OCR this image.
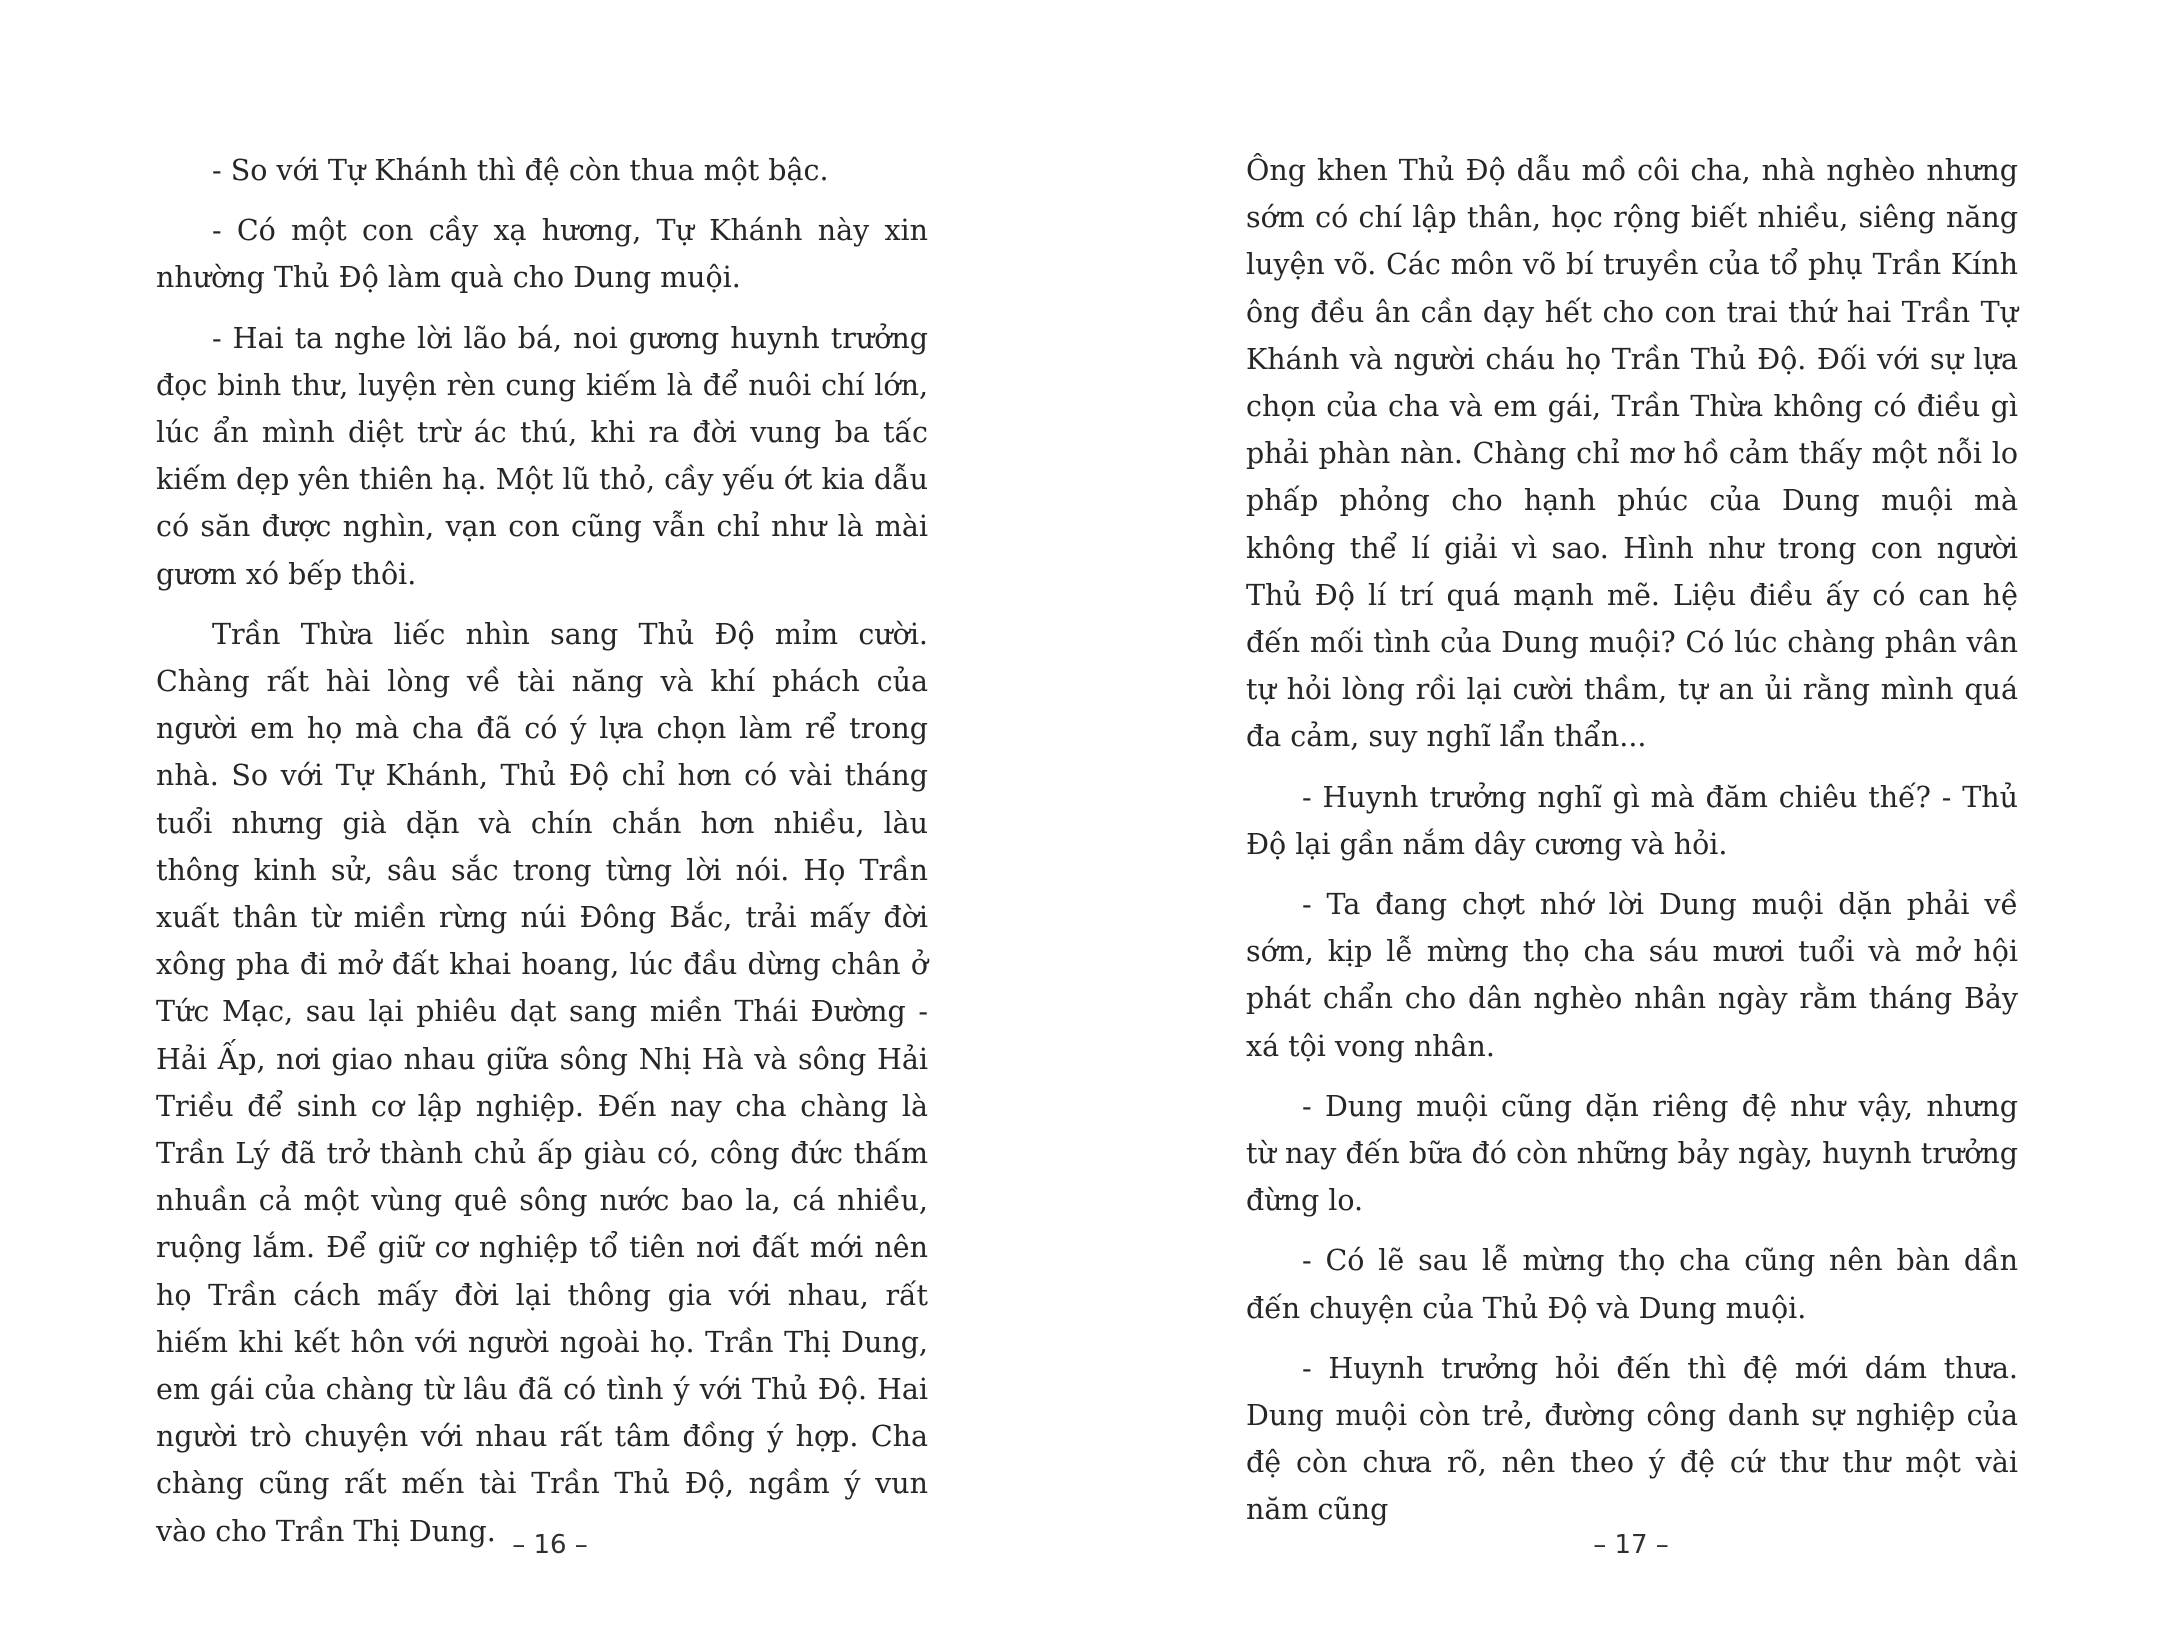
- So với Tự Khánh thì đệ còn thua một bậc.

- Có một con cầy xạ hương, Tự Khánh này xin nhường Thủ Độ làm quà cho Dung muội.

- Hai ta nghe lời lão bá, noi gương huynh trưởng đọc binh thư, luyện rèn cung kiếm là để nuôi chí lớn, lúc ẩn mình diệt trừ ác thú, khi ra đời vung ba tấc kiếm dẹp yên thiên hạ. Một lũ thỏ, cầy yếu ớt kia dẫu có săn được nghìn, vạn con cũng vẫn chỉ như là mài gươm xó bếp thôi.

Trần Thừa liếc nhìn sang Thủ Độ mỉm cười. Chàng rất hài lòng về tài năng và khí phách của người em họ mà cha đã có ý lựa chọn làm rể trong nhà. So với Tự Khánh, Thủ Độ chỉ hơn có vài tháng tuổi nhưng già dặn và chín chắn hơn nhiều, làu thông kinh sử, sâu sắc trong từng lời nói. Họ Trần xuất thân từ miền rừng núi Đông Bắc, trải mấy đời xông pha đi mở đất khai hoang, lúc đầu dừng chân ở Tức Mạc, sau lại phiêu dạt sang miền Thái Đường - Hải Ấp, nơi giao nhau giữa sông Nhị Hà và sông Hải Triều để sinh cơ lập nghiệp. Đến nay cha chàng là Trần Lý đã trở thành chủ ấp giàu có, công đức thấm nhuần cả một vùng quê sông nước bao la, cá nhiều, ruộng lắm. Để giữ cơ nghiệp tổ tiên nơi đất mới nên họ Trần cách mấy đời lại thông gia với nhau, rất hiếm khi kết hôn với người ngoài họ. Trần Thị Dung, em gái của chàng từ lâu đã có tình ý với Thủ Độ. Hai người trò chuyện với nhau rất tâm đồng ý hợp. Cha chàng cũng rất mến tài Trần Thủ Độ, ngầm ý vun vào cho Trần Thị Dung. – 16 –

Ông khen Thủ Độ dẫu mồ côi cha, nhà nghèo nhưng sớm có chí lập thân, học rộng biết nhiều, siêng năng luyện võ. Các môn võ bí truyền của tổ phụ Trần Kính ông đều ân cần dạy hết cho con trai thứ hai Trần Tự Khánh và người cháu họ Trần Thủ Độ. Đối với sự lựa chọn của cha và em gái, Trần Thừa không có điều gì phải phàn nàn. Chàng chỉ mơ hồ cảm thấy một nỗi lo phấp phỏng cho hạnh phúc của Dung muội mà không thể lí giải vì sao. Hình như trong con người Thủ Độ lí trí quá mạnh mẽ. Liệu điều ấy có can hệ đến mối tình của Dung muội? Có lúc chàng phân vân tự hỏi lòng rồi lại cười thầm, tự an ủi rằng mình quá đa cảm, suy nghĩ lẩn thẩn...

- Huynh trưởng nghĩ gì mà đăm chiêu thế? - Thủ Độ lại gần nắm dây cương và hỏi.

- Ta đang chợt nhớ lời Dung muội dặn phải về sớm, kịp lễ mừng thọ cha sáu mươi tuổi và mở hội phát chẩn cho dân nghèo nhân ngày rằm tháng Bảy xá tội vong nhân.

- Dung muội cũng dặn riêng đệ như vậy, nhưng từ nay đến bữa đó còn những bảy ngày, huynh trưởng đừng lo.

- Có lẽ sau lễ mừng thọ cha cũng nên bàn dần đến chuyện của Thủ Độ và Dung muội.

- Huynh trưởng hỏi đến thì đệ mới dám thưa. Dung muội còn trẻ, đường công danh sự nghiệp của đệ còn chưa rõ, nên theo ý đệ cứ thư thư một vài năm cũng

– 17 –
